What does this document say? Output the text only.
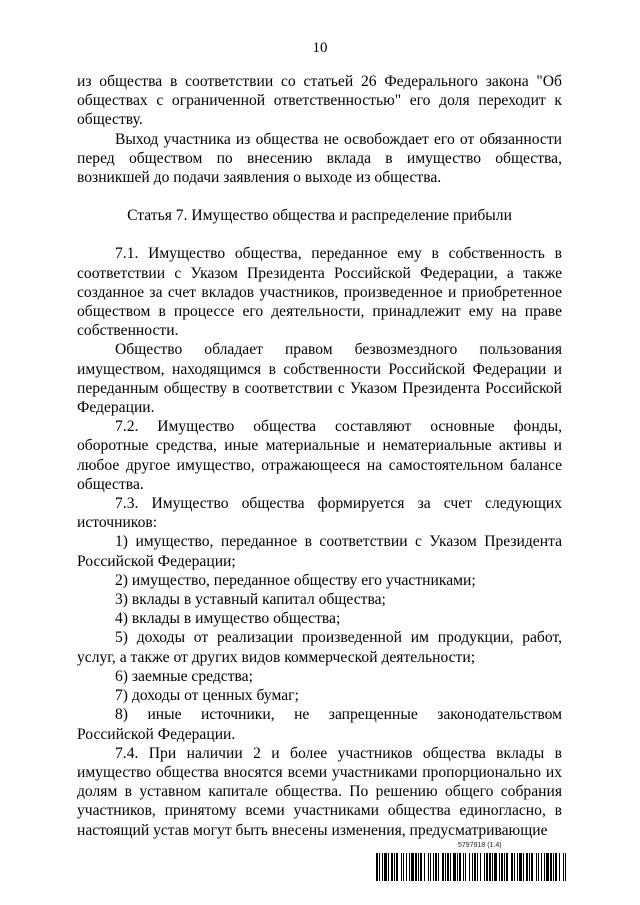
10

из общества в соответствии со статьей 26 Федерального закона "Об обществах с ограниченной ответственностью" его доля переходит к обществу.

Выход участника из общества не освобождает его от обязанности перед обществом по внесению вклада в имущество общества, возникшей до подачи заявления о выходе из общества.

Статья 7. Имущество общества и распределение прибыли

7.1. Имущество общества, переданное ему в собственность в соответствии с Указом Президента Российской Федерации, а также созданное за счет вкладов участников, произведенное и приобретенное обществом в процессе его деятельности, принадлежит ему на праве собственности.

Общество обладает правом безвозмездного пользования имуществом, находящимся в собственности Российской Федерации и переданным обществу в соответствии с Указом Президента Российской Федерации.

7.2. Имущество общества составляют основные фонды, оборотные средства, иные материальные и нематериальные активы и любое другое имущество, отражающееся на самостоятельном балансе общества.

7.3. Имущество общества формируется за счет следующих источников:

1) имущество, переданное в соответствии с Указом Президента Российской Федерации;

2) имущество, переданное обществу его участниками;

3) вклады в уставный капитал общества;

4) вклады в имущество общества;

5) доходы от реализации произведенной им продукции, работ, услуг, а также от других видов коммерческой деятельности;

6) заемные средства;

7) доходы от ценных бумаг;

8) иные источники, не запрещенные законодательством Российской Федерации.

7.4. При наличии 2 и более участников общества вклады в имущество общества вносятся всеми участниками пропорционально их долям в уставном капитале общества. По решению общего собрания участников, принятому всеми участниками общества единогласно, в настоящий устав могут быть внесены изменения, предусматривающие

5797918 (1.4)
